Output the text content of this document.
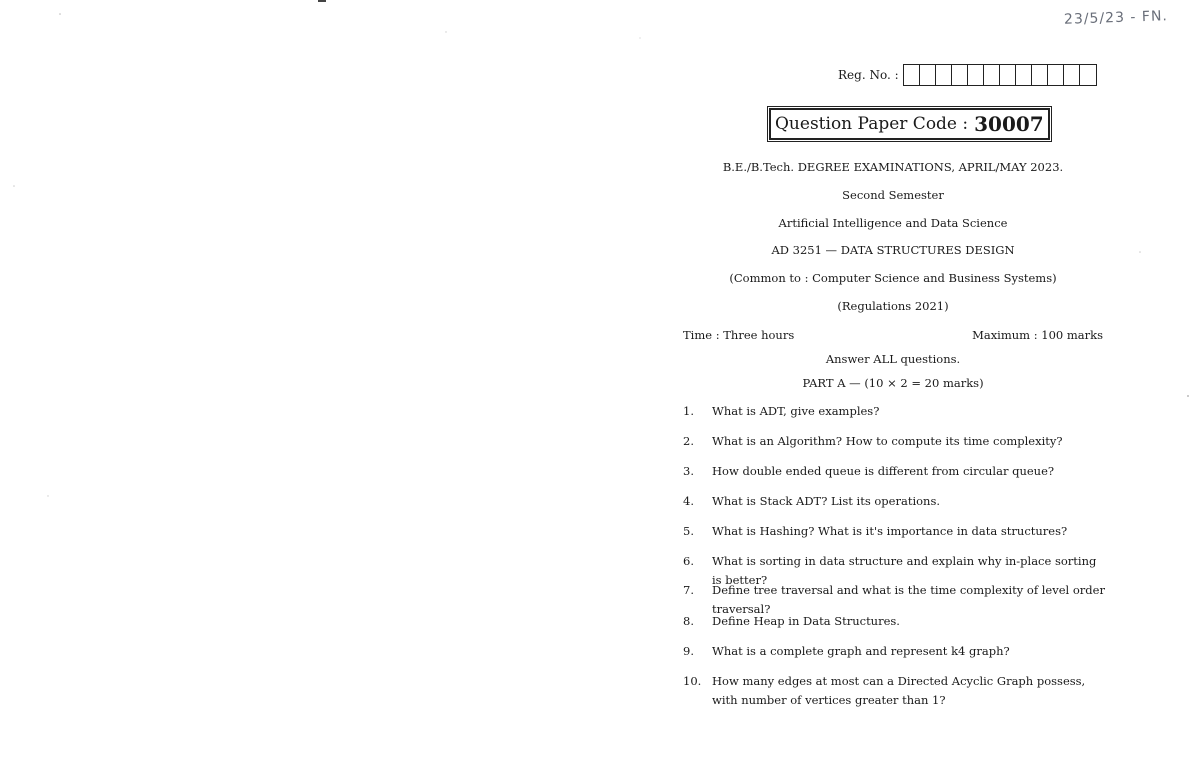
23/5/23 - FN.
Reg. No. :
Question Paper Code : 30007
B.E./B.Tech. DEGREE EXAMINATIONS, APRIL/MAY 2023.
Second Semester
Artificial Intelligence and Data Science
AD 3251 — DATA STRUCTURES DESIGN
(Common to : Computer Science and Business Systems)
(Regulations 2021)
Time : Three hours	Maximum : 100 marks
Answer ALL questions.
PART A — (10 × 2 = 20 marks)
1.	What is ADT, give examples?
2.	What is an Algorithm? How to compute its time complexity?
3.	How double ended queue is different from circular queue?
4.	What is Stack ADT? List its operations.
5.	What is Hashing? What is it's importance in data structures?
6.	What is sorting in data structure and explain why in-place sorting is better?
7.	Define tree traversal and what is the time complexity of level order traversal?
8.	Define Heap in Data Structures.
9.	What is a complete graph and represent k4 graph?
10. How many edges at most can a Directed Acyclic Graph possess, with number of vertices greater than 1?
